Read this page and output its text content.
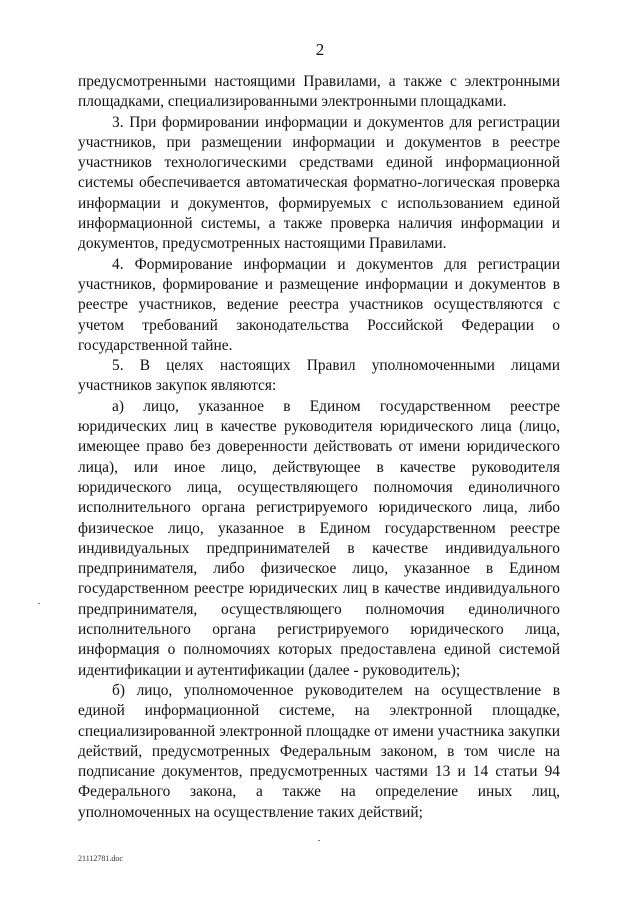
2

предусмотренными настоящими Правилами, а также с электронными площадками, специализированными электронными площадками.

3. При формировании информации и документов для регистрации участников, при размещении информации и документов в реестре участников технологическими средствами единой информационной системы обеспечивается автоматическая форматно-логическая проверка информации и документов, формируемых с использованием единой информационной системы, а также проверка наличия информации и документов, предусмотренных настоящими Правилами.

4. Формирование информации и документов для регистрации участников, формирование и размещение информации и документов в реестре участников, ведение реестра участников осуществляются с учетом требований законодательства Российской Федерации о государственной тайне.

5. В целях настоящих Правил уполномоченными лицами участников закупок являются:

а) лицо, указанное в Едином государственном реестре юридических лиц в качестве руководителя юридического лица (лицо, имеющее право без доверенности действовать от имени юридического лица), или иное лицо, действующее в качестве руководителя юридического лица, осуществляющего полномочия единоличного исполнительного органа регистрируемого юридического лица, либо физическое лицо, указанное в Едином государственном реестре индивидуальных предпринимателей в качестве индивидуального предпринимателя, либо физическое лицо, указанное в Едином государственном реестре юридических лиц в качестве индивидуального предпринимателя, осуществляющего полномочия единоличного исполнительного органа регистрируемого юридического лица, информация о полномочиях которых предоставлена единой системой идентификации и аутентификации (далее - руководитель);

б) лицо, уполномоченное руководителем на осуществление в единой информационной системе, на электронной площадке, специализированной электронной площадке от имени участника закупки действий, предусмотренных Федеральным законом, в том числе на подписание документов, предусмотренных частями 13 и 14 статьи 94 Федерального закона, а также на определение иных лиц, уполномоченных на осуществление таких действий;

21112781.doc
